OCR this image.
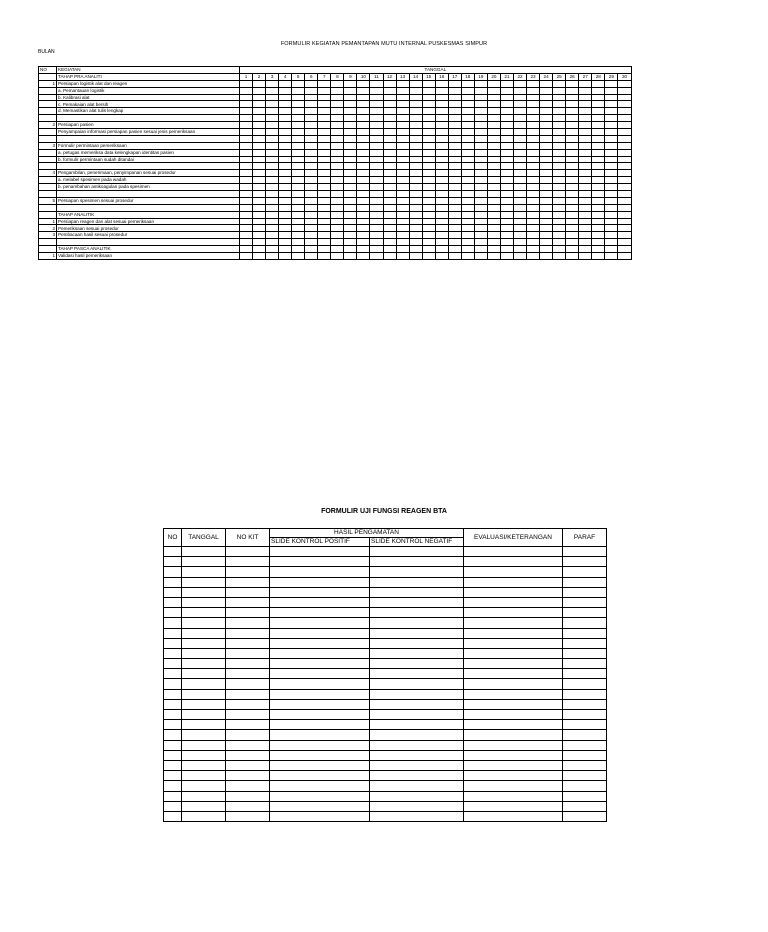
FORMULIR KEGIATAN PEMANTAPAN MUTU INTERNAL PUSKESMAS SIMPUR
BULAN
NO	KEGIATAN	TANGGAL																													
	TAHAP PRA ANALITI	1	2	3	4	5	6	7	8	9	10	11	12	13	14	15	16	17	18	19	20	21	22	23	24	25	26	27	28	29	30
1	Persiapan logistik alat dan reagen																														
	a. Pemantauan logistik																														
	b. Kalibrasi alat																														
	c. Pemakaian alat bersih																														
	d. Memastikan alat tulis lengkap																														

2	Persiapan pasien																														
	Penyampaian informasi persiapan pasien sesuai jenis pemeriksaan																														

3	Formulir permintaan pemeriksaan																														
	a. petugas memeriksa data kelengkapan identitas pasien																														
	b. formulir permintaan sudah ditandai																														

4	Pengambilan, penerimaan, penyimpanan sesuai prosedur																														
	a. melabel spesimen pada wadah																														
	b. penambahan antikoagulan pada spesimen																														

5	Persiapan spesimen sesuai prosedur																														

	TAHAP ANALITIK																														
1	Persiapan reagen dan alat sesuai pemeriksaan																														
2	Pemeriksaan sesuai prosedur																														
3	Pembacaan hasil sesuai prosedur																														

	TAHAP PASCA ANALITIK																														
1	Validasi hasil pemeriksaan																														
FORMULIR UJI FUNGSI REAGEN BTA
NO	TANGGAL	NO KIT	HASIL PENGAMATAN		EVALUASI/KETERANGAN	PARAF
			SLIDE KONTROL POSITIF	SLIDE KONTROL NEGATIF		
